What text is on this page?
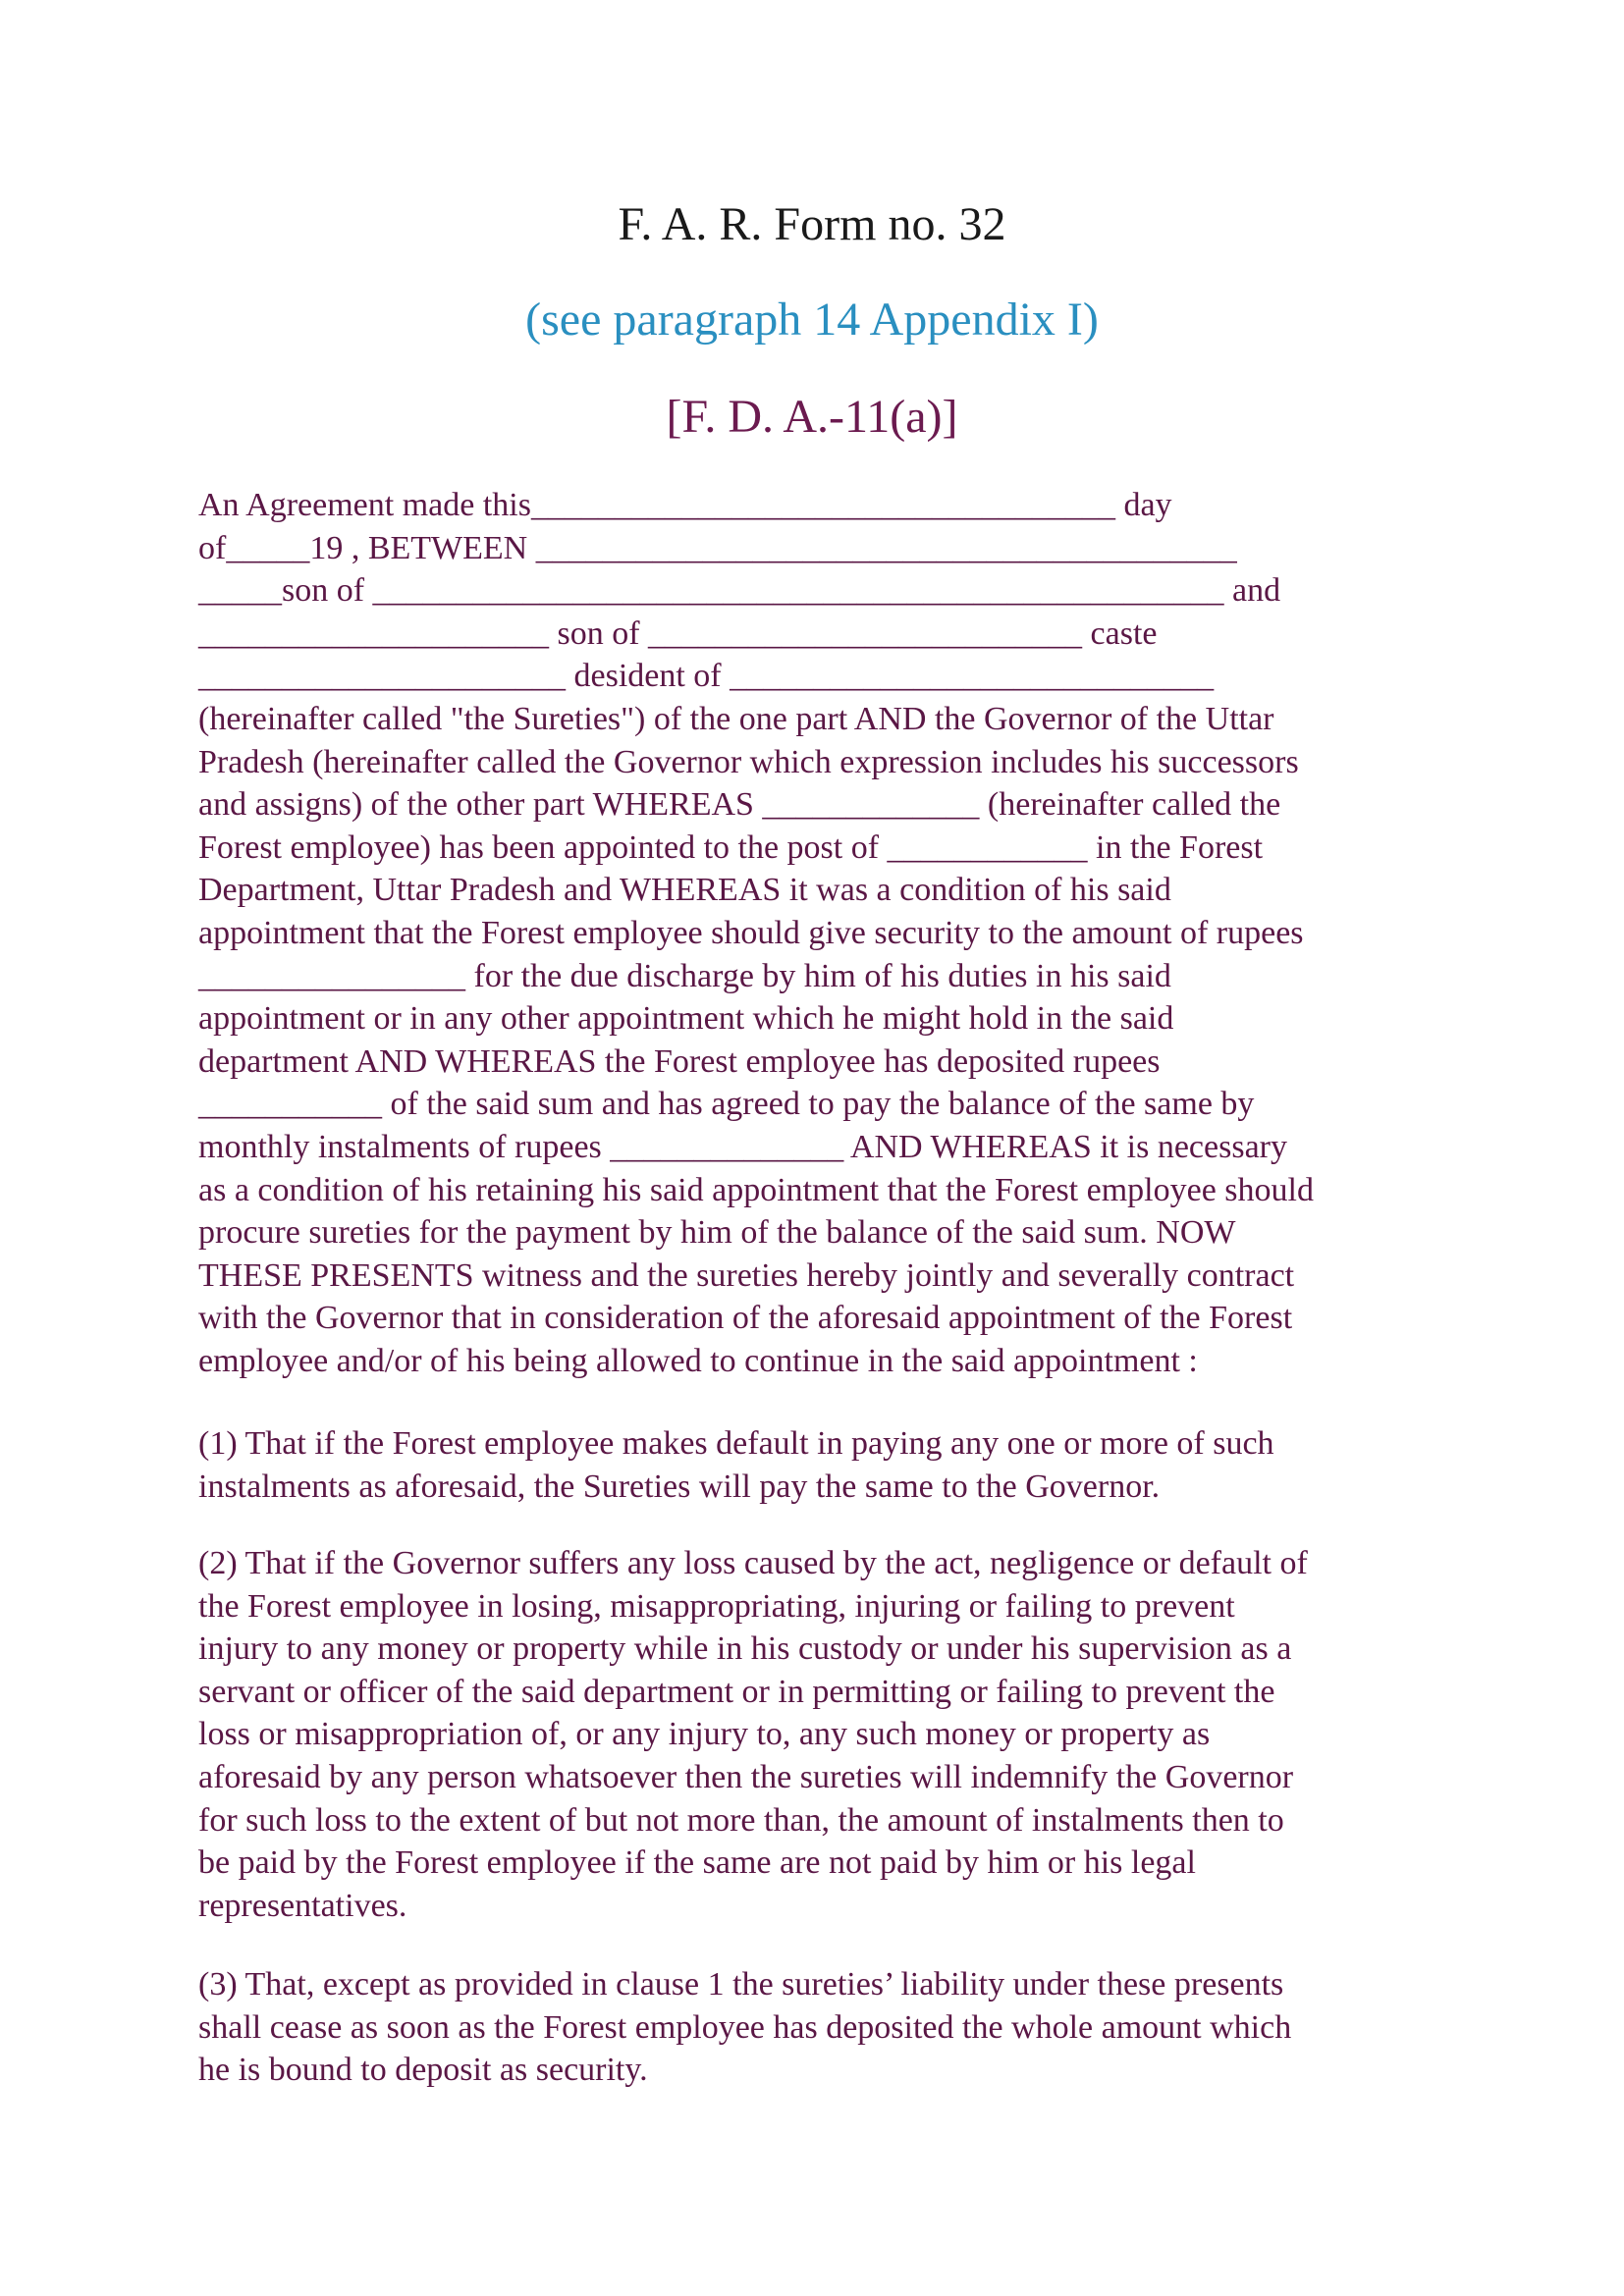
F. A. R. Form no. 32
(see paragraph 14 Appendix I)
[F. D. A.-11(a)]
An Agreement made this___________________________________ day
of_____19 , BETWEEN __________________________________________
_____son of ___________________________________________________ and
_____________________ son of __________________________ caste
______________________ desident of _____________________________
(hereinafter called "the Sureties") of the one part AND the Governor of the Uttar
Pradesh (hereinafter called the Governor which expression includes his successors
and assigns) of the other part WHEREAS _____________ (hereinafter called the
Forest employee) has been appointed to the post of ____________ in the Forest
Department, Uttar Pradesh and WHEREAS it was a condition of his said
appointment that the Forest employee should give security to the amount of rupees
________________ for the due discharge by him of his duties in his said
appointment or in any other appointment which he might hold in the said
department AND WHEREAS the Forest employee has deposited rupees
___________ of the said sum and has agreed to pay the balance of the same by
monthly instalments of rupees ______________ AND WHEREAS it is necessary
as a condition of his retaining his said appointment that the Forest employee should
procure sureties for the payment by him of the balance of the said sum. NOW
THESE PRESENTS witness and the sureties hereby jointly and severally contract
with the Governor that in consideration of the aforesaid appointment of the Forest
employee and/or of his being allowed to continue in the said appointment :
(1) That if the Forest employee makes default in paying any one or more of such
instalments as aforesaid, the Sureties will pay the same to the Governor.
(2) That if the Governor suffers any loss caused by the act, negligence or default of
the Forest employee in losing, misappropriating, injuring or failing to prevent
injury to any money or property while in his custody or under his supervision as a
servant or officer of the said department or in permitting or failing to prevent the
loss or misappropriation of, or any injury to, any such money or property as
aforesaid by any person whatsoever then the sureties will indemnify the Governor
for such loss to the extent of but not more than, the amount of instalments then to
be paid by the Forest employee if the same are not paid by him or his legal
representatives.
(3) That, except as provided in clause 1 the sureties’ liability under these presents
shall cease as soon as the Forest employee has deposited the whole amount which
he is bound to deposit as security.
